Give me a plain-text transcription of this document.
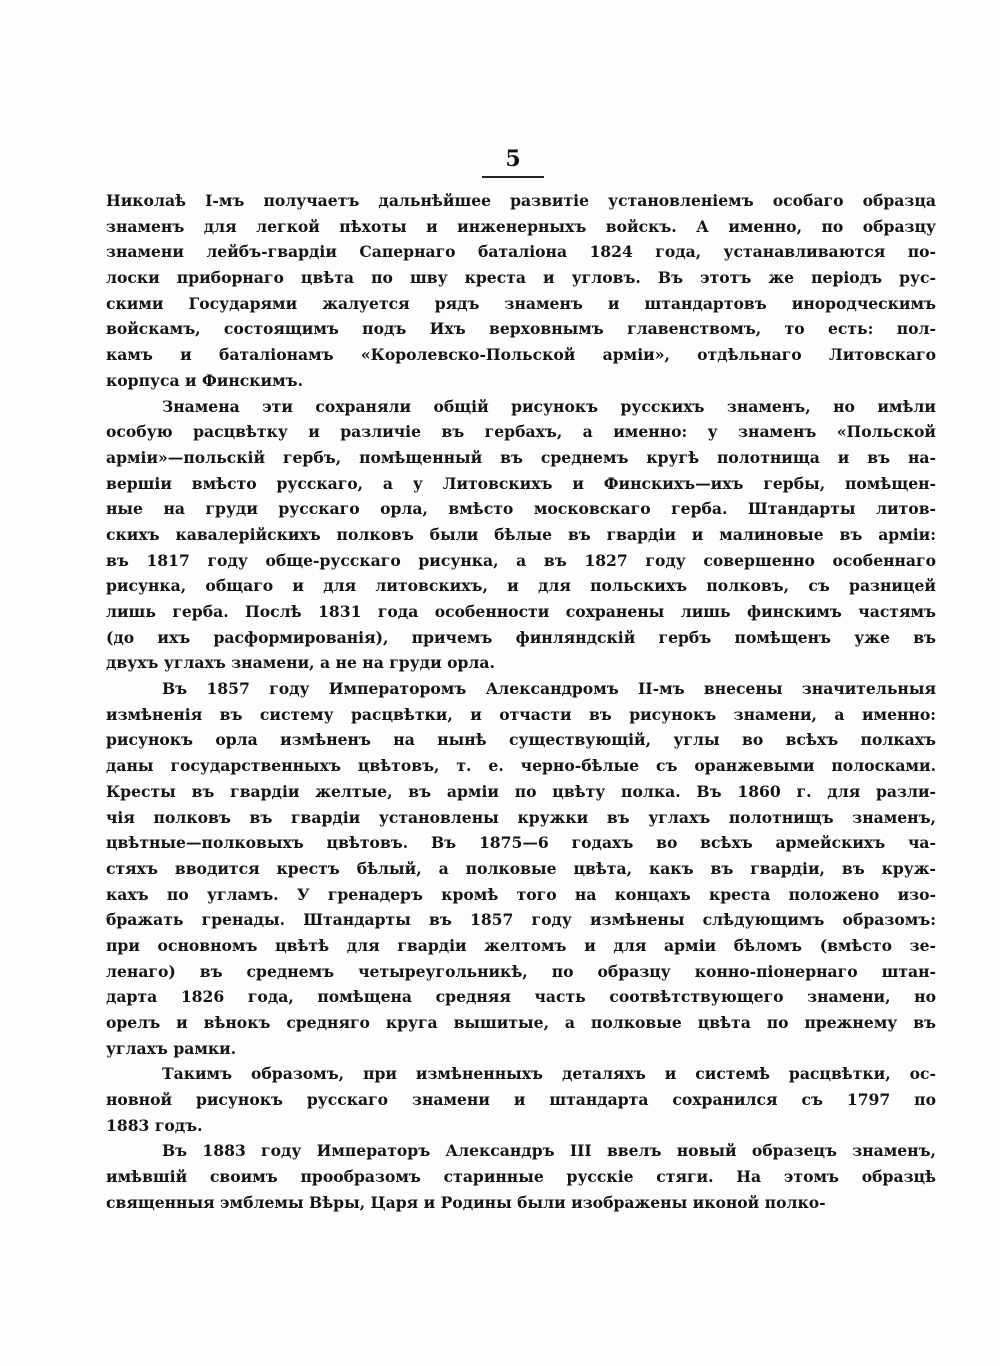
5
Николаѣ І-мъ получаетъ дальнѣйшее развитіе установленіемъ особаго образца
знаменъ для легкой пѣхоты и инженерныхъ войскъ. А именно, по образцу
знамени лейбъ-гвардіи Сапернаго баталіона 1824 года, устанавливаются по-
лоски приборнаго цвѣта по шву креста и угловъ. Въ этотъ же періодъ рус-
скими Государями жалуется рядъ знаменъ и штандартовъ инородческимъ
войскамъ, состоящимъ подъ Ихъ верховнымъ главенствомъ, то есть: пол-
камъ и баталіонамъ «Королевско-Польской арміи», отдѣльнаго Литовскаго
корпуса и Финскимъ.
Знамена эти сохраняли общій рисунокъ русскихъ знаменъ, но имѣли
особую расцвѣтку и различіе въ гербахъ, а именно: у знаменъ «Польской
арміи»—польскій гербъ, помѣщенный въ среднемъ кругѣ полотнища и въ на-
вершіи вмѣсто русскаго, а у Литовскихъ и Финскихъ—ихъ гербы, помѣщен-
ные на груди русскаго орла, вмѣсто московскаго герба. Штандарты литов-
скихъ кавалерійскихъ полковъ были бѣлые въ гвардіи и малиновые въ арміи:
въ 1817 году обще-русскаго рисунка, а въ 1827 году совершенно особеннаго
рисунка, общаго и для литовскихъ, и для польскихъ полковъ, съ разницей
лишь герба. Послѣ 1831 года особенности сохранены лишь финскимъ частямъ
(до ихъ расформированія), причемъ финляндскій гербъ помѣщенъ уже въ
двухъ углахъ знамени, а не на груди орла.
Въ 1857 году Императоромъ Александромъ II-мъ внесены значительныя
измѣненія въ систему расцвѣтки, и отчасти въ рисунокъ знамени, а именно:
рисунокъ орла измѣненъ на нынѣ существующій, углы во всѣхъ полкахъ
даны государственныхъ цвѣтовъ, т. е. черно-бѣлые съ оранжевыми полосками.
Кресты въ гвардіи желтые, въ арміи по цвѣту полка. Въ 1860 г. для разли-
чія полковъ въ гвардіи установлены кружки въ углахъ полотнищъ знаменъ,
цвѣтные—полковыхъ цвѣтовъ. Въ 1875—6 годахъ во всѣхъ армейскихъ ча-
стяхъ вводится крестъ бѣлый, а полковые цвѣта, какъ въ гвардіи, въ круж-
кахъ по угламъ. У гренадеръ кромѣ того на концахъ креста положено изо-
бражать гренады. Штандарты въ 1857 году измѣнены слѣдующимъ образомъ:
при основномъ цвѣтѣ для гвардіи желтомъ и для арміи бѣломъ (вмѣсто зе-
ленаго) въ среднемъ четыреугольникѣ, по образцу конно-піонернаго штан-
дарта 1826 года, помѣщена средняя часть соотвѣтствующего знамени, но
орелъ и вѣнокъ средняго круга вышитые, а полковые цвѣта по прежнему въ
углахъ рамки.
Такимъ образомъ, при измѣненныхъ деталяхъ и системѣ расцвѣтки, ос-
новной рисунокъ русскаго знамени и штандарта сохранился съ 1797 по
1883 годъ.
Въ 1883 году Императоръ Александръ III ввелъ новый образецъ знаменъ,
имѣвшій своимъ прообразомъ старинные русскіе стяги. На этомъ образцѣ
священныя эмблемы Вѣры, Царя и Родины были изображены иконой полко-
